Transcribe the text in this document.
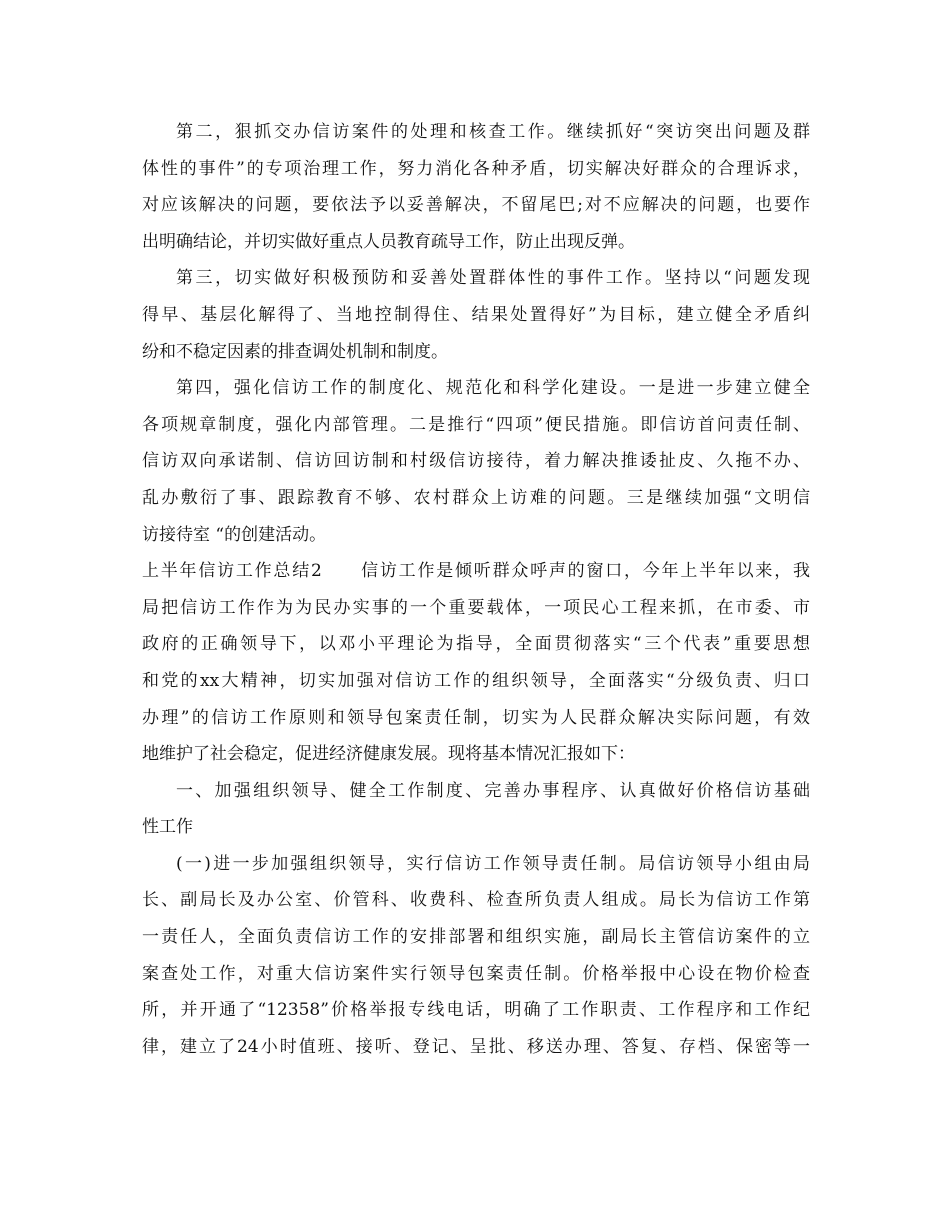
第二，狠抓交办信访案件的处理和核查工作。继续抓好“突访突出问题及群
体性的事件”的专项治理工作，努力消化各种矛盾，切实解决好群众的合理诉求，
对应该解决的问题，要依法予以妥善解决，不留尾巴;对不应解决的问题，也要作
出明确结论，并切实做好重点人员教育疏导工作，防止出现反弹。
第三，切实做好积极预防和妥善处置群体性的事件工作。坚持以“问题发现
得早、基层化解得了、当地控制得住、结果处置得好”为目标，建立健全矛盾纠
纷和不稳定因素的排查调处机制和制度。
第四，强化信访工作的制度化、规范化和科学化建设。一是进一步建立健全
各项规章制度，强化内部管理。二是推行“四项”便民措施。即信访首问责任制、
信访双向承诺制、信访回访制和村级信访接待，着力解决推诿扯皮、久拖不办、
乱办敷衍了事、跟踪教育不够、农村群众上访难的问题。三是继续加强“文明信
访接待室 “的创建活动。
上半年信访工作总结2　　信访工作是倾听群众呼声的窗口，今年上半年以来，我
局把信访工作作为为民办实事的一个重要载体，一项民心工程来抓，在市委、市
政府的正确领导下，以邓小平理论为指导，全面贯彻落实“三个代表”重要思想
和党的xx大精神，切实加强对信访工作的组织领导，全面落实“分级负责、归口
办理”的信访工作原则和领导包案责任制，切实为人民群众解决实际问题，有效
地维护了社会稳定，促进经济健康发展。现将基本情况汇报如下：
一、加强组织领导、健全工作制度、完善办事程序、认真做好价格信访基础
性工作
(一)进一步加强组织领导，实行信访工作领导责任制。局信访领导小组由局
长、副局长及办公室、价管科、收费科、检查所负责人组成。局长为信访工作第
一责任人，全面负责信访工作的安排部署和组织实施，副局长主管信访案件的立
案查处工作，对重大信访案件实行领导包案责任制。价格举报中心设在物价检查
所，并开通了“12358”价格举报专线电话，明确了工作职责、工作程序和工作纪
律，建立了24小时值班、接听、登记、呈批、移送办理、答复、存档、保密等一
